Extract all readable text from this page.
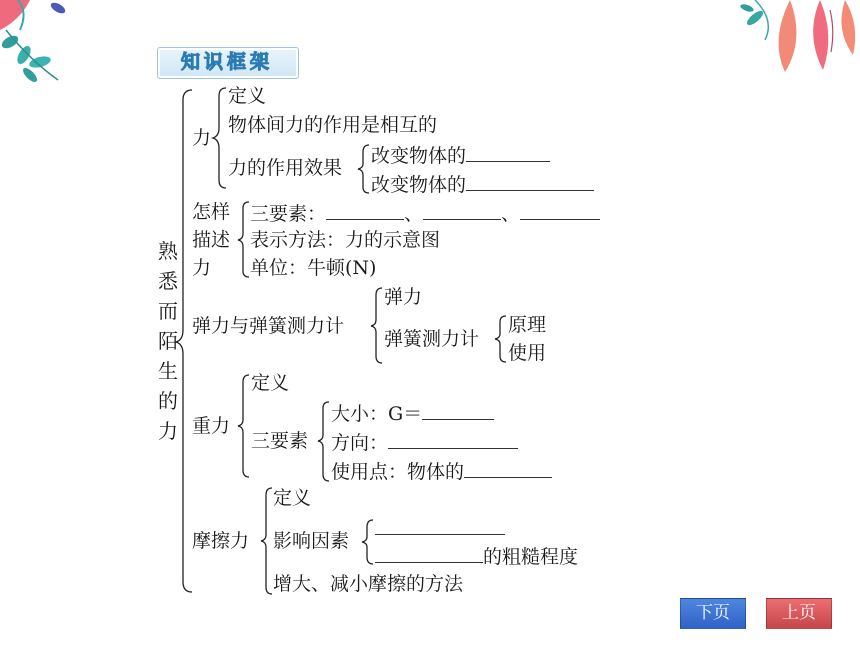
知识框架
熟悉而陌生的力
力
定义
物体间力的作用是相互的
力的作用效果
改变物体的
改变物体的
怎样
描述
力
三要素：	、	、
表示方法：力的示意图
单位：牛顿(N)
弹力与弹簧测力计
弹力
弹簧测力计
原理
使用
重力
定义
三要素
大小：G＝
方向：
使用点：物体的
摩擦力
定义
影响因素
的粗糙程度
增大、减小摩擦的方法
下页	上页
